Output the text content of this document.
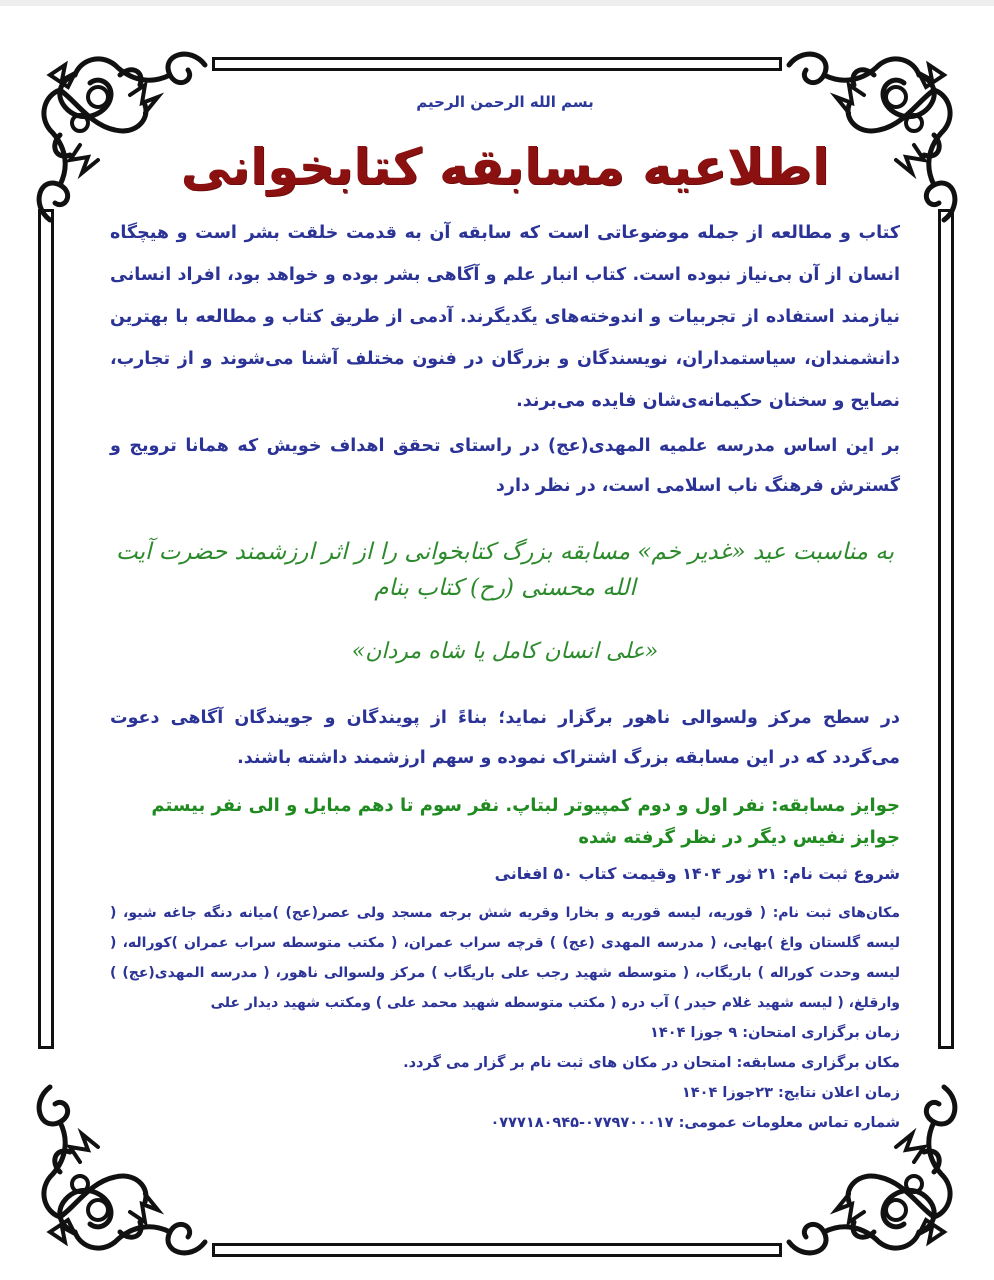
بسم الله الرحمن الرحیم
اطلاعیه مسابقه کتابخوانی

کتاب و مطالعه از جمله موضوعاتی است که سابقه آن به قدمت خلقت بشر است و هیچگاه انسان از آن بی‌نیاز نبوده است. کتاب انبار علم و آگاهی بشر بوده و خواهد بود، افراد انسانی نیازمند استفاده از تجربیات و اندوخته‌های یگدیگرند. آدمی از طریق کتاب و مطالعه با بهترین دانشمندان، سیاستمداران، نویسندگان و بزرگان در فنون مختلف آشنا می‌شوند و از تجارب، نصایح و سخنان حکیمانه‌ی‌شان فایده می‌برند.

بر این اساس مدرسه علمیه المهدی(عج) در راستای تحقق اهداف خویش که همانا ترویج و گسترش فرهنگ ناب اسلامی است، در نظر دارد

به مناسبت عید «غدیر خم» مسابقه بزرگ کتابخوانی را از اثر ارزشمند حضرت آیت الله محسنی (رح) کتاب بنام
«علی انسان کامل یا شاه مردان»

در سطح مرکز ولسوالی ناهور برگزار نماید؛ بناءً از پویندگان و جویندگان آگاهی دعوت می‌گردد که در این مسابقه بزرگ اشتراک نموده و سهم ارزشمند داشته باشند.

جوایز مسابقه: نفر اول و دوم کمپیوتر لبتاپ. نفر سوم تا دهم مبایل و الی نفر بیستم جوایز نفیس دیگر در نظر گرفته شده
شروع ثبت نام: ۲۱ ثور ۱۴۰۴ وقیمت کتاب ۵۰ افغانی

مکان‌های ثبت نام: ( قوریه، لیسه قوریه و بخارا وقریه شش برجه مسجد ولی عصر(عج) )میانه دنگه جاغه شیو، ( لیسه گلستان واغ )بهایی، ( مدرسه المهدی (عج) ) قرچه سراب عمران، ( مکتب متوسطه سراب عمران )کوراله، ( لیسه وحدت کوراله ) باریگاب، ( متوسطه شهید رجب علی باریگاب ) مرکز ولسوالی ناهور، ( مدرسه المهدی(عج) ) وارقلغ، ( لیسه شهید غلام حیدر ) آب دره ( مکتب متوسطه شهید محمد علی ) ومکتب شهید دیدار علی

زمان برگزاری امتحان: ۹ جوزا ۱۴۰۴
مکان برگزاری مسابقه: امتحان در مکان های ثبت نام بر گزار می گردد.
زمان اعلان نتایج: ۲۳جوزا ۱۴۰۴
شماره تماس معلومات عمومی: ۰۷۷۹۷۰۰۰۱۷-۰۷۷۷۱۸۰۹۴۵
